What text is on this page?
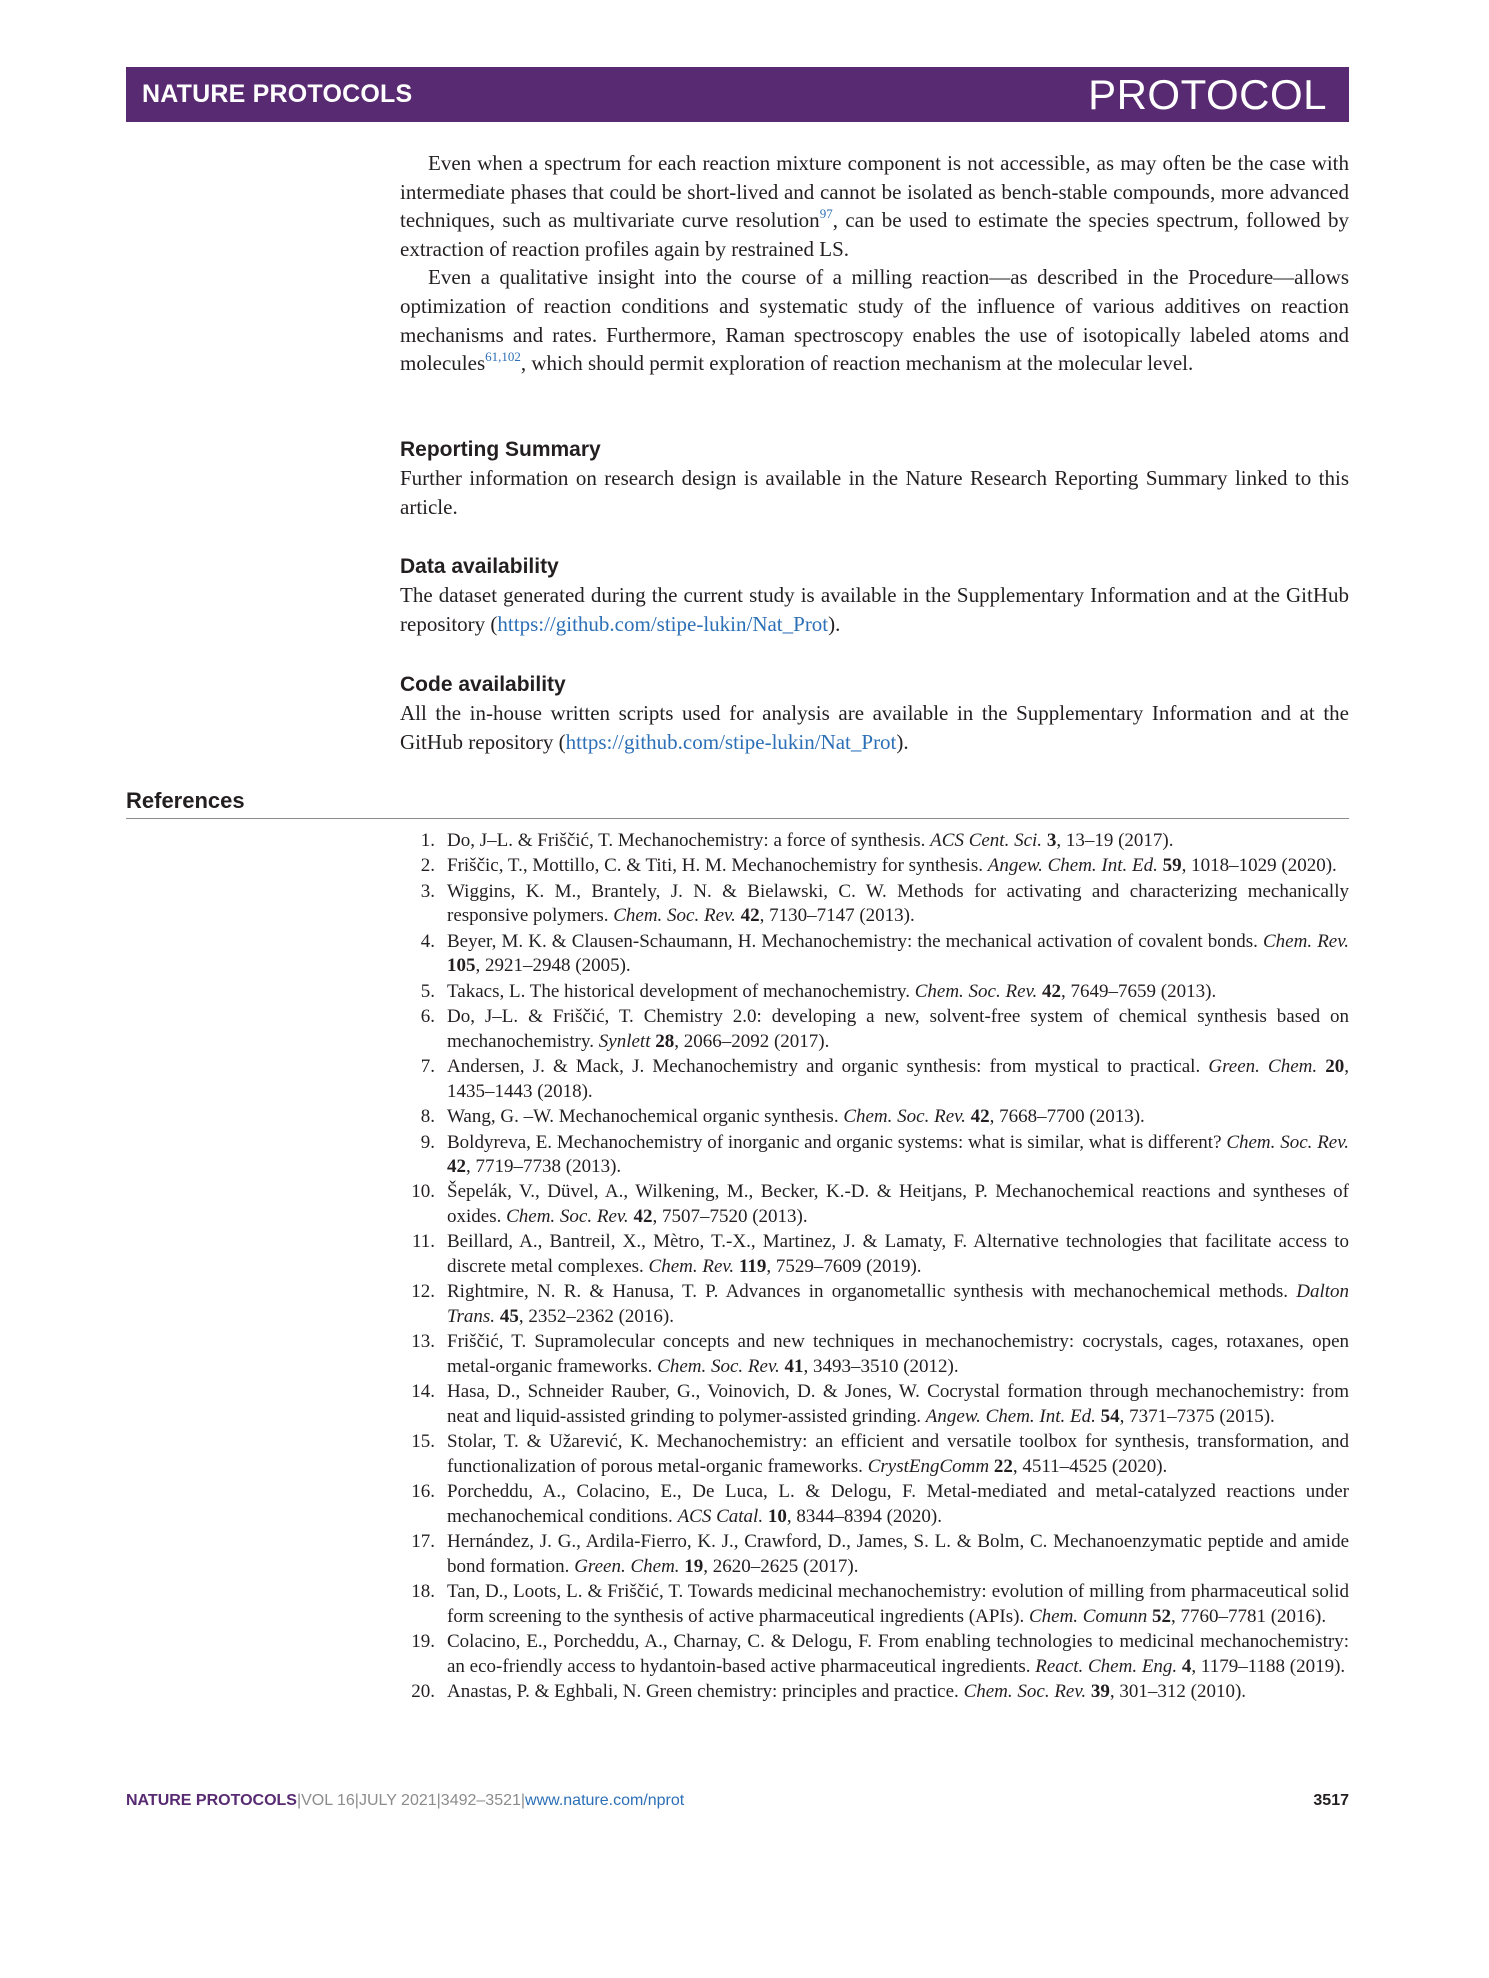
NATURE PROTOCOLS	PROTOCOL

Even when a spectrum for each reaction mixture component is not accessible, as may often be the case with intermediate phases that could be short-lived and cannot be isolated as bench-stable compounds, more advanced techniques, such as multivariate curve resolution$^{97}$, can be used to estimate the species spectrum, followed by extraction of reaction profiles again by restrained LS.

Even a qualitative insight into the course of a milling reaction—as described in the Procedure—allows optimization of reaction conditions and systematic study of the influence of various additives on reaction mechanisms and rates. Furthermore, Raman spectroscopy enables the use of isotopically labeled atoms and molecules$^{61,102}$, which should permit exploration of reaction mechanism at the molecular level.

Reporting Summary

Further information on research design is available in the Nature Research Reporting Summary linked to this article.

Data availability

The dataset generated during the current study is available in the Supplementary Information and at the GitHub repository (https://github.com/stipe-lukin/Nat_Prot).

Code availability

All the in-house written scripts used for analysis are available in the Supplementary Information and at the GitHub repository (https://github.com/stipe-lukin/Nat_Prot).

References
1. Do, J–L. & Friščić, T. Mechanochemistry: a force of synthesis. ACS Cent. Sci. 3, 13–19 (2017).
2. Friščic, T., Mottillo, C. & Titi, H. M. Mechanochemistry for synthesis. Angew. Chem. Int. Ed. 59, 1018–1029 (2020).
3. Wiggins, K. M., Brantely, J. N. & Bielawski, C. W. Methods for activating and characterizing mechanically responsive polymers. Chem. Soc. Rev. 42, 7130–7147 (2013).
4. Beyer, M. K. & Clausen-Schaumann, H. Mechanochemistry: the mechanical activation of covalent bonds. Chem. Rev. 105, 2921–2948 (2005).
5. Takacs, L. The historical development of mechanochemistry. Chem. Soc. Rev. 42, 7649–7659 (2013).
6. Do, J–L. & Friščić, T. Chemistry 2.0: developing a new, solvent-free system of chemical synthesis based on mechanochemistry. Synlett 28, 2066–2092 (2017).
7. Andersen, J. & Mack, J. Mechanochemistry and organic synthesis: from mystical to practical. Green. Chem. 20, 1435–1443 (2018).
8. Wang, G. –W. Mechanochemical organic synthesis. Chem. Soc. Rev. 42, 7668–7700 (2013).
9. Boldyreva, E. Mechanochemistry of inorganic and organic systems: what is similar, what is different? Chem. Soc. Rev. 42, 7719–7738 (2013).
10. Šepelák, V., Düvel, A., Wilkening, M., Becker, K.-D. & Heitjans, P. Mechanochemical reactions and syntheses of oxides. Chem. Soc. Rev. 42, 7507–7520 (2013).
11. Beillard, A., Bantreil, X., Mètro, T.-X., Martinez, J. & Lamaty, F. Alternative technologies that facilitate access to discrete metal complexes. Chem. Rev. 119, 7529–7609 (2019).
12. Rightmire, N. R. & Hanusa, T. P. Advances in organometallic synthesis with mechanochemical methods. Dalton Trans. 45, 2352–2362 (2016).
13. Friščić, T. Supramolecular concepts and new techniques in mechanochemistry: cocrystals, cages, rotaxanes, open metal-organic frameworks. Chem. Soc. Rev. 41, 3493–3510 (2012).
14. Hasa, D., Schneider Rauber, G., Voinovich, D. & Jones, W. Cocrystal formation through mechanochemistry: from neat and liquid-assisted grinding to polymer-assisted grinding. Angew. Chem. Int. Ed. 54, 7371–7375 (2015).
15. Stolar, T. & Užarević, K. Mechanochemistry: an efficient and versatile toolbox for synthesis, transformation, and functionalization of porous metal-organic frameworks. CrystEngComm 22, 4511–4525 (2020).
16. Porcheddu, A., Colacino, E., De Luca, L. & Delogu, F. Metal-mediated and metal-catalyzed reactions under mechanochemical conditions. ACS Catal. 10, 8344–8394 (2020).
17. Hernández, J. G., Ardila-Fierro, K. J., Crawford, D., James, S. L. & Bolm, C. Mechanoenzymatic peptide and amide bond formation. Green. Chem. 19, 2620–2625 (2017).
18. Tan, D., Loots, L. & Friščić, T. Towards medicinal mechanochemistry: evolution of milling from pharmaceutical solid form screening to the synthesis of active pharmaceutical ingredients (APIs). Chem. Comunn 52, 7760–7781 (2016).
19. Colacino, E., Porcheddu, A., Charnay, C. & Delogu, F. From enabling technologies to medicinal mechanochemistry: an eco-friendly access to hydantoin-based active pharmaceutical ingredients. React. Chem. Eng. 4, 1179–1188 (2019).
20. Anastas, P. & Eghbali, N. Green chemistry: principles and practice. Chem. Soc. Rev. 39, 301–312 (2010).
NATURE PROTOCOLS|VOL 16|JULY 2021|3492–3521|www.nature.com/nprot	3517
